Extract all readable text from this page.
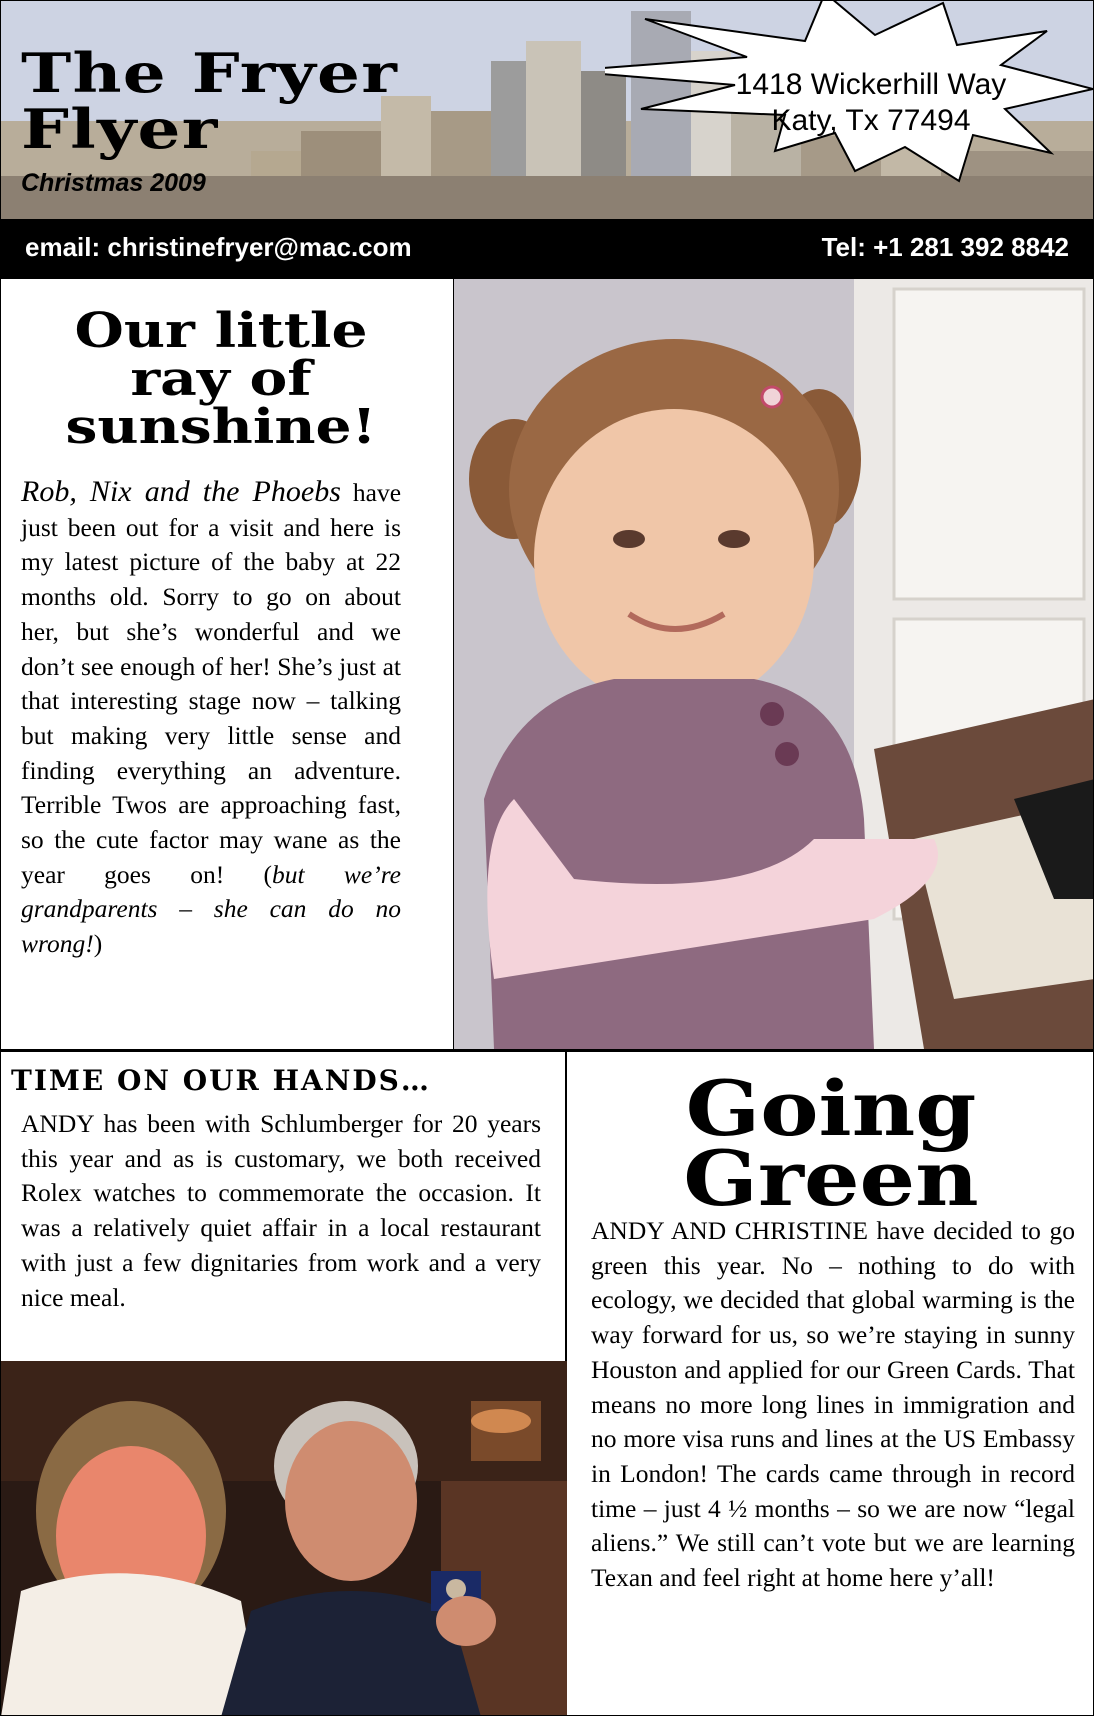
The Fryer
Flyer
Christmas 2009
1418 Wickerhill Way
Katy, Tx 77494
email: christinefryer@mac.com	Tel: +1 281 392 8842
Our little
ray of
sunshine!

Rob, Nix and the Phoebs have just been out for a visit and here is my latest picture of the baby at 22 months old. Sorry to go on about her, but she’s wonderful and we don’t see enough of her! She’s just at that interesting stage now – talking but making very little sense and finding everything an adventure. Terrible Twos are approaching fast, so the cute factor may wane as the year goes on! (but we’re grandparents – she can do no wrong!)

TIME ON OUR HANDS…

ANDY has been with Schlumberger for 20 years this year and as is customary, we both received Rolex watches to commemorate the occasion. It was a relatively quiet affair in a local restaurant with just a few dignitaries from work and a very nice meal.

Going
Green

ANDY AND CHRISTINE have decided to go green this year. No – nothing to do with ecology, we decided that global warming is the way forward for us, so we’re staying in sunny Houston and applied for our Green Cards. That means no more long lines in immigration and no more visa runs and lines at the US Embassy in London! The cards came through in record time – just 4 ½ months – so we are now “legal aliens.” We still can’t vote but we are learning Texan and feel right at home here y’all!
